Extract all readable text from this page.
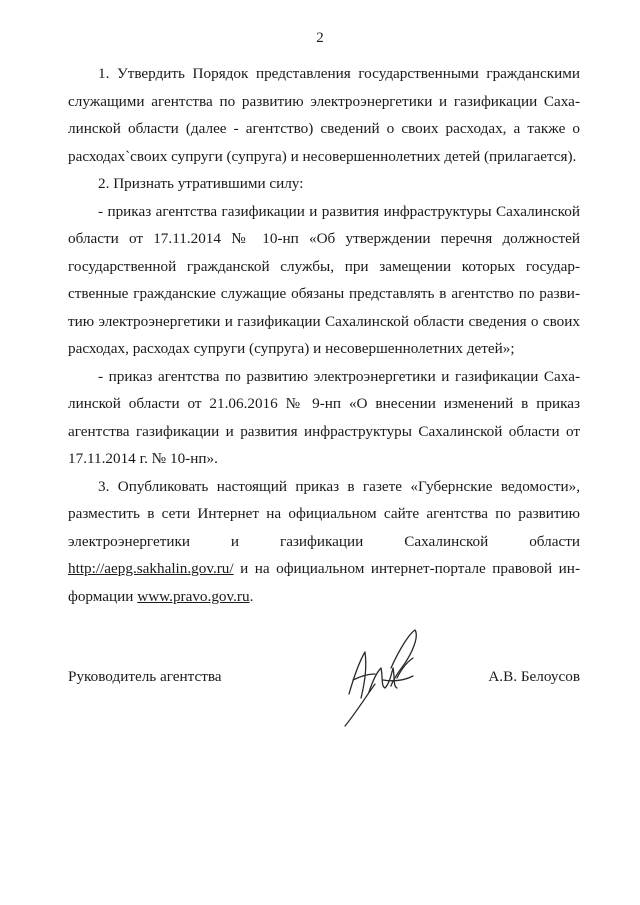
2

1. Утвердить Порядок представления государственными гражданскими служащими агентства по развитию электроэнергетики и газификации Сахалинской области (далее - агентство) сведений о своих расходах, а также о расходах`своих супруги (супруга) и несовершеннолетних детей (прилагается).

2. Признать утратившими силу:

- приказ агентства газификации и развития инфраструктуры Сахалинской области от 17.11.2014 № 10-нп «Об утверждении перечня должностей государственной гражданской службы, при замещении которых государственные гражданские служащие обязаны представлять в агентство по развитию электроэнергетики и газификации Сахалинской области сведения о своих расходах, расходах супруги (супруга) и несовершеннолетних детей»;

- приказ агентства по развитию электроэнергетики и газификации Сахалинской области от 21.06.2016 № 9-нп «О внесении изменений в приказ агентства газификации и развития инфраструктуры Сахалинской области от 17.11.2014 г. № 10-нп».

3. Опубликовать настоящий приказ в газете «Губернские ведомости», разместить в сети Интернет на официальном сайте агентства по развитию электроэнергетики и газификации Сахалинской области http://aepg.sakhalin.gov.ru/ и на официальном интернет-портале правовой информации www.pravo.gov.ru.

Руководитель агентства	А.В. Белоусов
